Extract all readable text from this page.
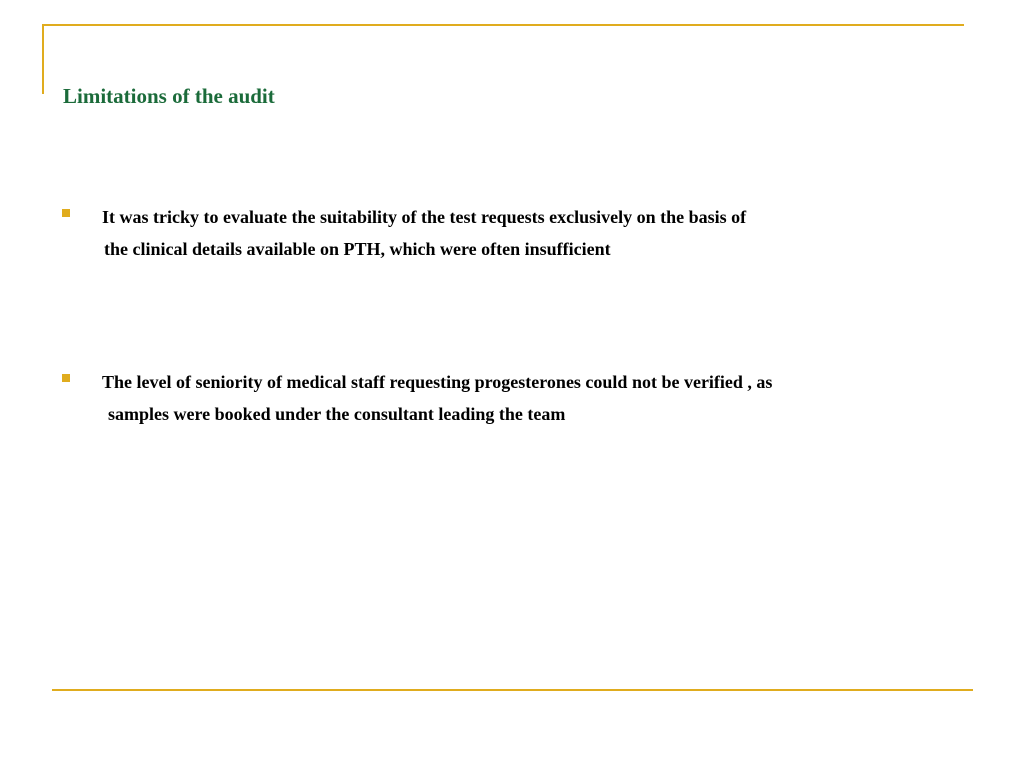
Limitations of the audit
It was tricky to evaluate the suitability of the test requests exclusively on the basis of
the clinical details available on PTH, which were often insufficient
The level of seniority of medical staff requesting progesterones could not be verified , as
samples were booked under the consultant leading the team
